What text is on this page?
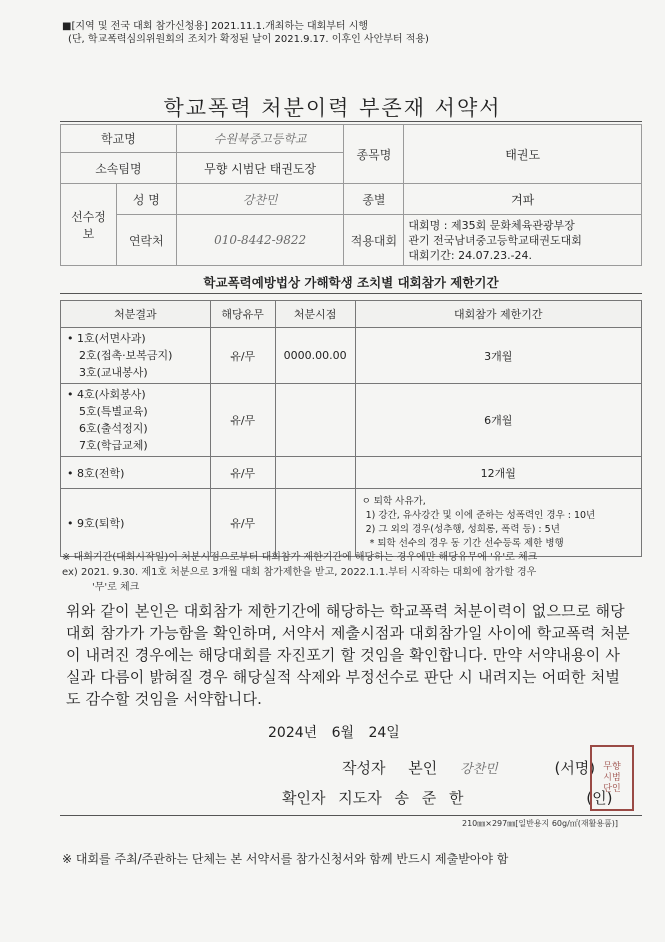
■[지역 및 전국 대회 참가신청용] 2021.11.1.개최하는 대회부터 시행
(단, 학교폭력심의위원회의 조치가 확정된 날이 2021.9.17. 이후인 사안부터 적용)
학교폭력 처분이력 부존재 서약서
학교명		수원북중고등학교	종목명	태권도
소속팀명		무향 시범단 태권도장		
선수정보	성 명	강찬민	종별	겨파
	연락처	010-8442-9822	적용대회	대회명 : 제35회 문화체육관광부장
관기 전국남녀중고등학교태권도대회
대회기간: 24.07.23.-24.
학교폭력예방법상 가해학생 조치별 대회참가 제한기간
처분결과	해당유무	처분시점	대회참가 제한기간

• 1호(서면사과)
2호(접촉·보복금지)
3호(교내봉사)	유/무	0000.00.00	3개월

• 4호(사회봉사)
5호(특별교육)
6호(출석정지)
7호(학급교체)	유/무		6개월
• 8호(전학)	유/무		12개월
• 9호(퇴학)	유/무		ㅇ 퇴학 사유가,
1) 강간, 유사강간 및 이에 준하는 성폭력인 경우 : 10년
2) 그 외의 경우(성추행, 성희롱, 폭력 등) : 5년
* 퇴학 선수의 경우 동 기간 선수등록 제한 병행
※ 대회기간(대회시작일)이 처분시점으로부터 대회참가 제한기간에 해당하는 경우에만 해당유무에 '유'로 체크
ex) 2021. 9.30. 제1호 처분으로 3개월 대회 참가제한을 받고, 2022.1.1.부터 시작하는 대회에 참가할 경우
'무'로 체크
위와 같이 본인은 대회참가 제한기간에 해당하는 학교폭력 처분이력이 없으므로 해당 대회 참가가 가능함을 확인하며, 서약서 제출시점과 대회참가일 사이에 학교폭력 처분이 내려진 경우에는 해당대회를 자진포기 할 것임을 확인합니다. 만약 서약내용이 사실과 다름이 밝혀질 경우 해당실적 삭제와 부정선수로 판단 시 내려지는 어떠한 처벌도 감수할 것임을 서약합니다.
2024년 6월 24일
작성자 본인 강찬민	(서명)
확인자 지도자 송 준 한	(인)
무향
시범
단인
210㎜×297㎜[일반용지 60g/㎡(재활용품)]
※ 대회를 주최/주관하는 단체는 본 서약서를 참가신청서와 함께 반드시 제출받아야 함
